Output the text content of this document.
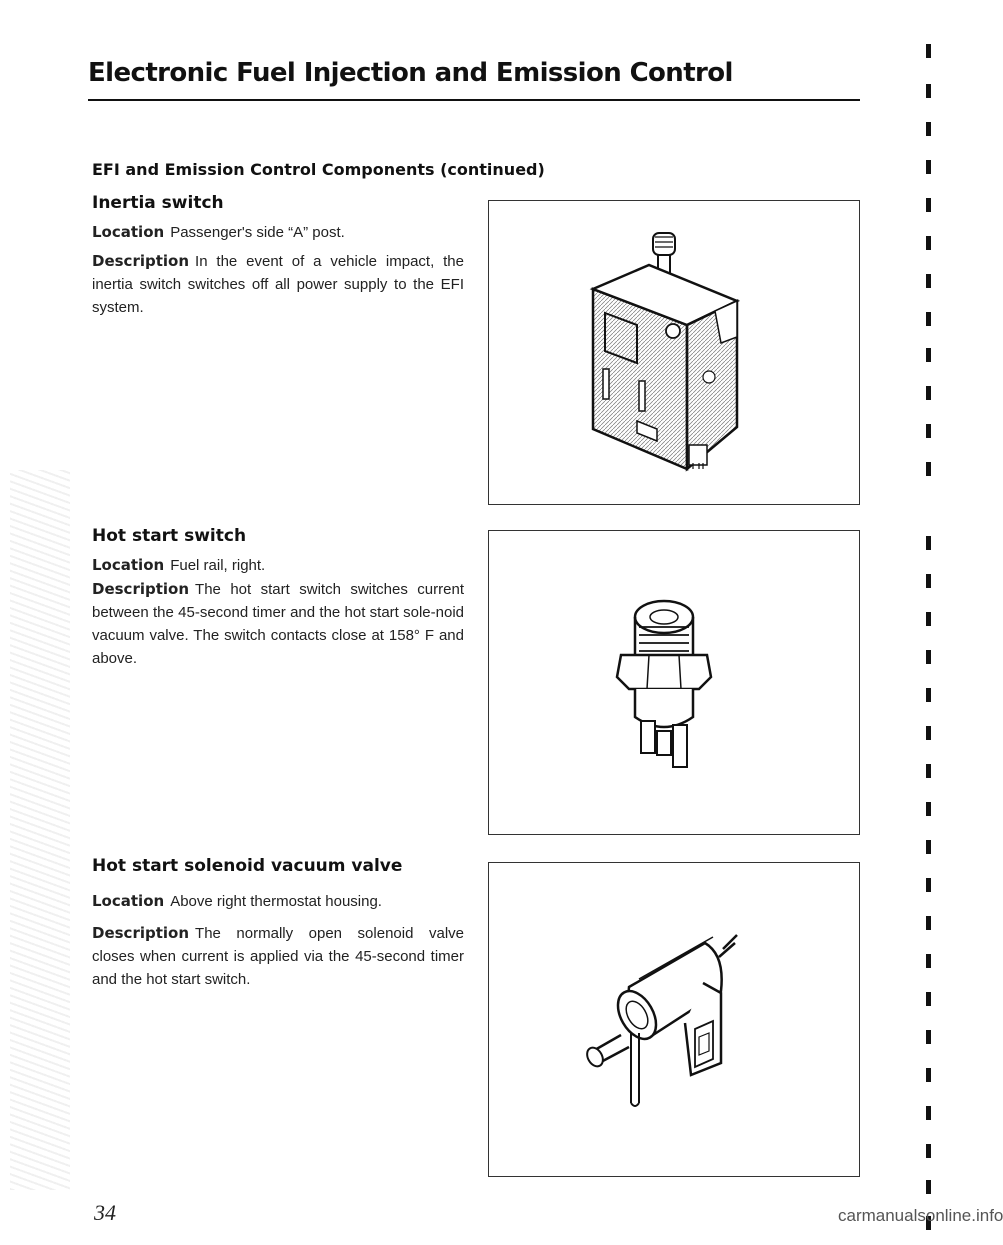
Electronic Fuel Injection and Emission Control
EFI and Emission Control Components (continued)
Inertia switch
Location Passenger's side “A” post.
Description In the event of a vehicle impact, the inertia switch switches off all power supply to the EFI system.
Hot start switch
Location Fuel rail, right.
Description The hot start switch switches current between the 45-second timer and the hot start sole-noid vacuum valve. The switch contacts close at 158° F and above.
Hot start solenoid vacuum valve
Location Above right thermostat housing.
Description The normally open solenoid valve closes when current is applied via the 45-second timer and the hot start switch.
34	carmanualsonline.info
